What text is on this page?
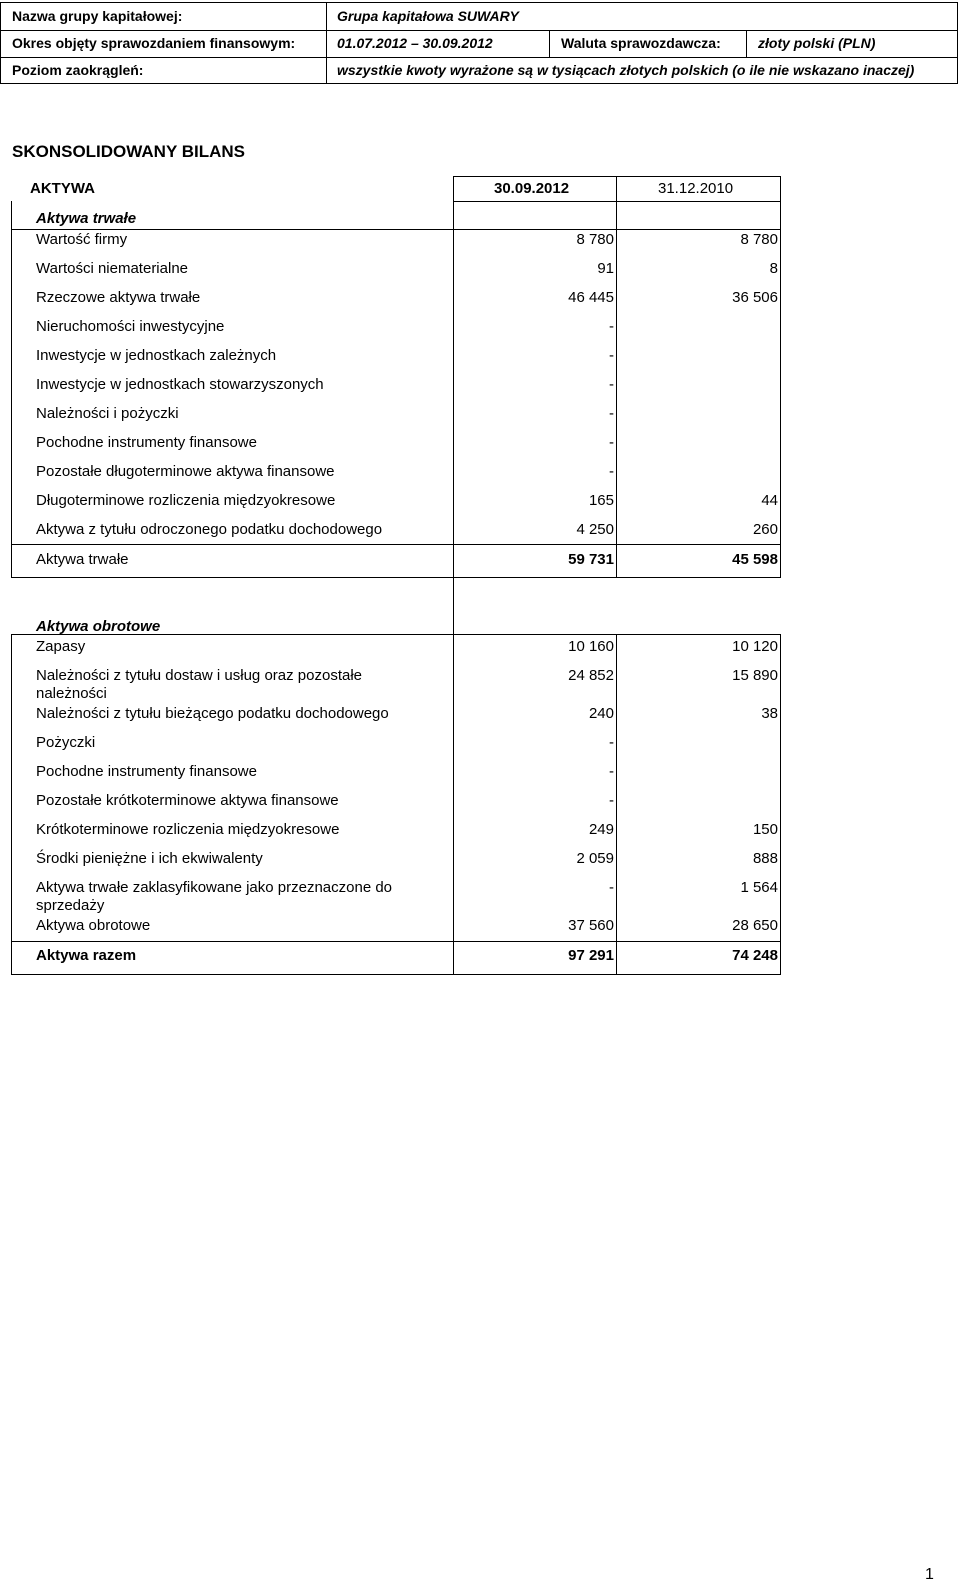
Nazwa grupy kapitałowej:	Grupa kapitałowa SUWARY
Okres objęty sprawozdaniem finansowym:	01.07.2012 – 30.09.2012	Waluta sprawozdawcza:	złoty polski (PLN)
Poziom zaokrągleń:	wszystkie kwoty wyrażone są w tysiącach złotych polskich (o ile nie wskazano inaczej)
SKONSOLIDOWANY BILANS
AKTYWA	30.09.2012	31.12.2010
Aktywa trwałe
Wartość firmy	8 780	8 780
Wartości niematerialne	91	8
Rzeczowe aktywa trwałe	46 445	36 506
Nieruchomości inwestycyjne	-
Inwestycje w jednostkach zależnych	-
Inwestycje w jednostkach stowarzyszonych	-
Należności i pożyczki	-
Pochodne instrumenty finansowe	-
Pozostałe długoterminowe aktywa finansowe	-
Długoterminowe rozliczenia międzyokresowe	165	44
Aktywa z tytułu odroczonego podatku dochodowego	4 250	260
Aktywa trwałe	59 731	45 598
Aktywa obrotowe
Zapasy	10 160	10 120
Należności z tytułu dostaw i usług oraz pozostałe należności
24 852	15 890
Należności z tytułu bieżącego podatku dochodowego	240	38
Pożyczki	-
Pochodne instrumenty finansowe	-
Pozostałe krótkoterminowe aktywa finansowe	-
Krótkoterminowe rozliczenia międzyokresowe	249	150
Środki pieniężne i ich ekwiwalenty	2 059	888
Aktywa trwałe zaklasyfikowane jako przeznaczone do sprzedaży
-	1 564
Aktywa obrotowe	37 560	28 650
Aktywa razem	97 291	74 248
1
